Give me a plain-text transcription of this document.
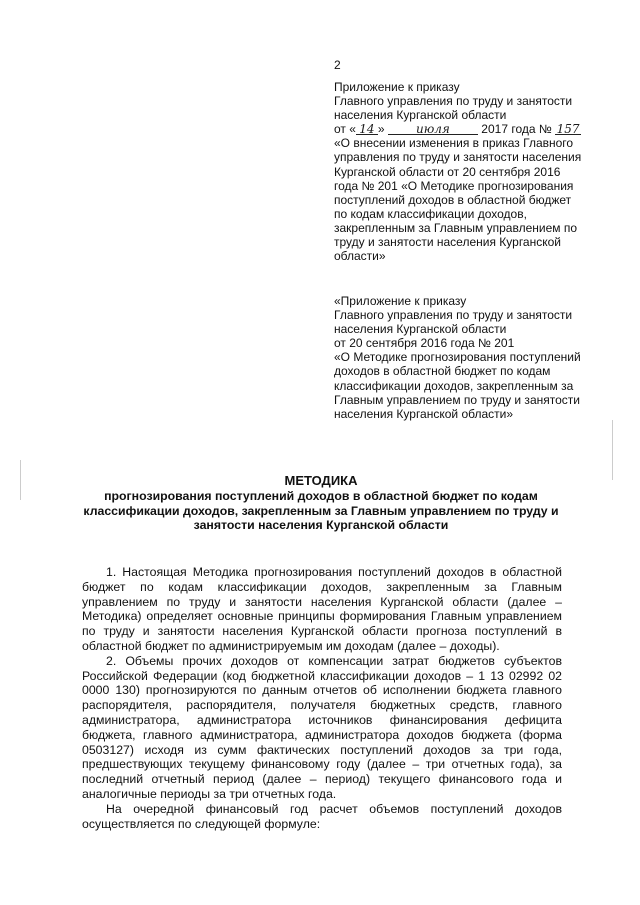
2
Приложение к приказу
Главного управления по труду и занятости
населения Курганской области
от « 14 »	июля	2017 года № 157
«О внесении изменения в приказ Главного
управления по труду и занятости населения
Курганской области от 20 сентября 2016
года № 201 «О Методике прогнозирования
поступлений доходов в областной бюджет
по кодам классификации доходов,
закрепленным за Главным управлением по
труду и занятости населения Курганской
области»
«Приложение к приказу
Главного управления по труду и занятости
населения Курганской области
от 20 сентября 2016 года № 201
«О Методике прогнозирования поступлений
доходов в областной бюджет по кодам
классификации доходов, закрепленным за
Главным управлением по труду и занятости
населения Курганской области»
МЕТОДИКА
прогнозирования поступлений доходов в областной бюджет по кодам классификации доходов, закрепленным за Главным управлением по труду и занятости населения Курганской области

1. Настоящая Методика прогнозирования поступлений доходов в областной бюджет по кодам классификации доходов, закрепленным за Главным управлением по труду и занятости населения Курганской области (далее – Методика) определяет основные принципы формирования Главным управлением по труду и занятости населения Курганской области прогноза поступлений в областной бюджет по администрируемым им доходам (далее – доходы).

2. Объемы прочих доходов от компенсации затрат бюджетов субъектов Российской Федерации (код бюджетной классификации доходов – 1 13 02992 02 0000 130) прогнозируются по данным отчетов об исполнении бюджета главного распорядителя, распорядителя, получателя бюджетных средств, главного администратора, администратора источников финансирования дефицита бюджета, главного администратора, администратора доходов бюджета (форма 0503127) исходя из сумм фактических поступлений доходов за три года, предшествующих текущему финансовому году (далее – три отчетных года), за последний отчетный период (далее – период) текущего финансового года и аналогичные периоды за три отчетных года.

На очередной финансовый год расчет объемов поступлений доходов осуществляется по следующей формуле:
